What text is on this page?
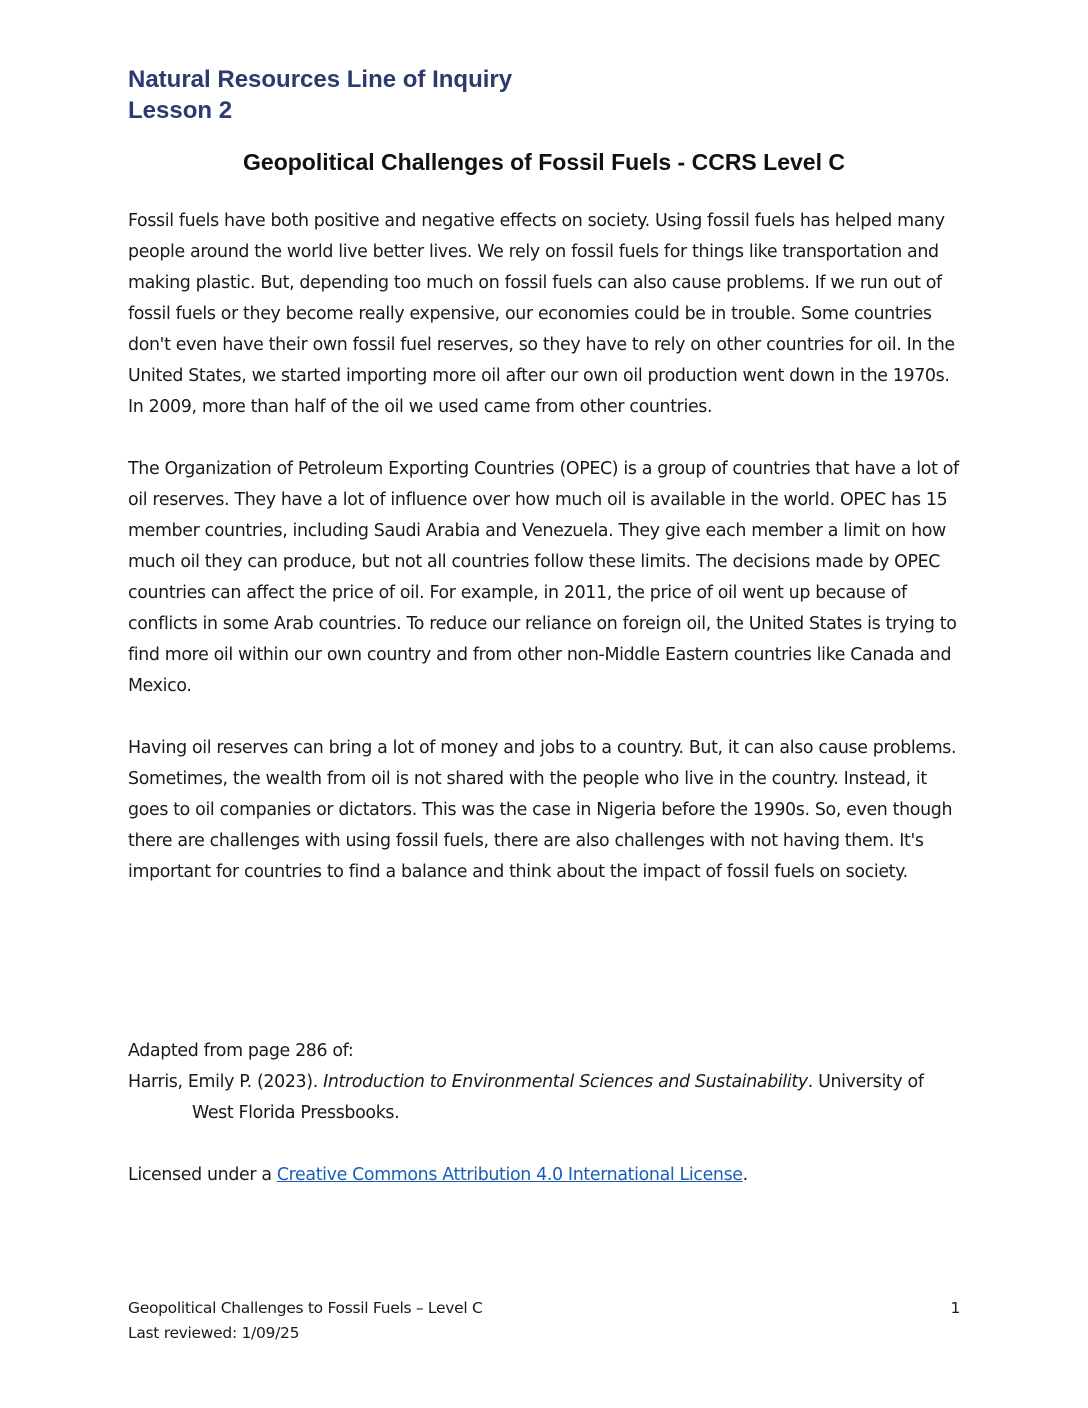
Natural Resources Line of Inquiry
Lesson 2
Geopolitical Challenges of Fossil Fuels - CCRS Level C

Fossil fuels have both positive and negative effects on society. Using fossil fuels has helped many people around the world live better lives. We rely on fossil fuels for things like transportation and making plastic. But, depending too much on fossil fuels can also cause problems. If we run out of fossil fuels or they become really expensive, our economies could be in trouble. Some countries don't even have their own fossil fuel reserves, so they have to rely on other countries for oil. In the United States, we started importing more oil after our own oil production went down in the 1970s. In 2009, more than half of the oil we used came from other countries.

The Organization of Petroleum Exporting Countries (OPEC) is a group of countries that have a lot of oil reserves. They have a lot of influence over how much oil is available in the world. OPEC has 15 member countries, including Saudi Arabia and Venezuela. They give each member a limit on how much oil they can produce, but not all countries follow these limits. The decisions made by OPEC countries can affect the price of oil. For example, in 2011, the price of oil went up because of conflicts in some Arab countries. To reduce our reliance on foreign oil, the United States is trying to find more oil within our own country and from other non-Middle Eastern countries like Canada and Mexico.

Having oil reserves can bring a lot of money and jobs to a country. But, it can also cause problems. Sometimes, the wealth from oil is not shared with the people who live in the country. Instead, it goes to oil companies or dictators. This was the case in Nigeria before the 1990s. So, even though there are challenges with using fossil fuels, there are also challenges with not having them. It's important for countries to find a balance and think about the impact of fossil fuels on society.

Adapted from page 286 of:
Harris, Emily P. (2023). Introduction to Environmental Sciences and Sustainability. University of West Florida Pressbooks.
Licensed under a Creative Commons Attribution 4.0 International License.
Geopolitical Challenges to Fossil Fuels – Level C
Last reviewed: 1/09/25
1
